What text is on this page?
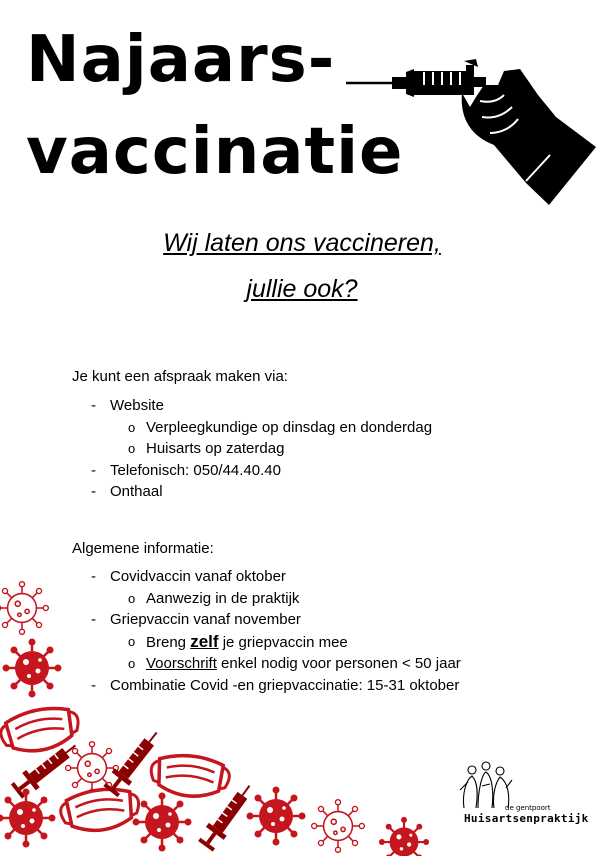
Najaars-
vaccinatie
Wij laten ons vaccineren,
jullie ook?
Je kunt een afspraak maken via:
- Website
o Verpleegkundige op dinsdag en donderdag
o Huisarts op zaterdag
- Telefonisch: 050/44.40.40
- Onthaal
Algemene informatie:
- Covidvaccin vanaf oktober
o Aanwezig in de praktijk
- Griepvaccin vanaf november
o Breng zelf je griepvaccin mee
o Voorschrift enkel nodig voor personen < 50 jaar
- Combinatie Covid -en griepvaccinatie: 15-31 oktober
de gentpoort
Huisartsenpraktijk
